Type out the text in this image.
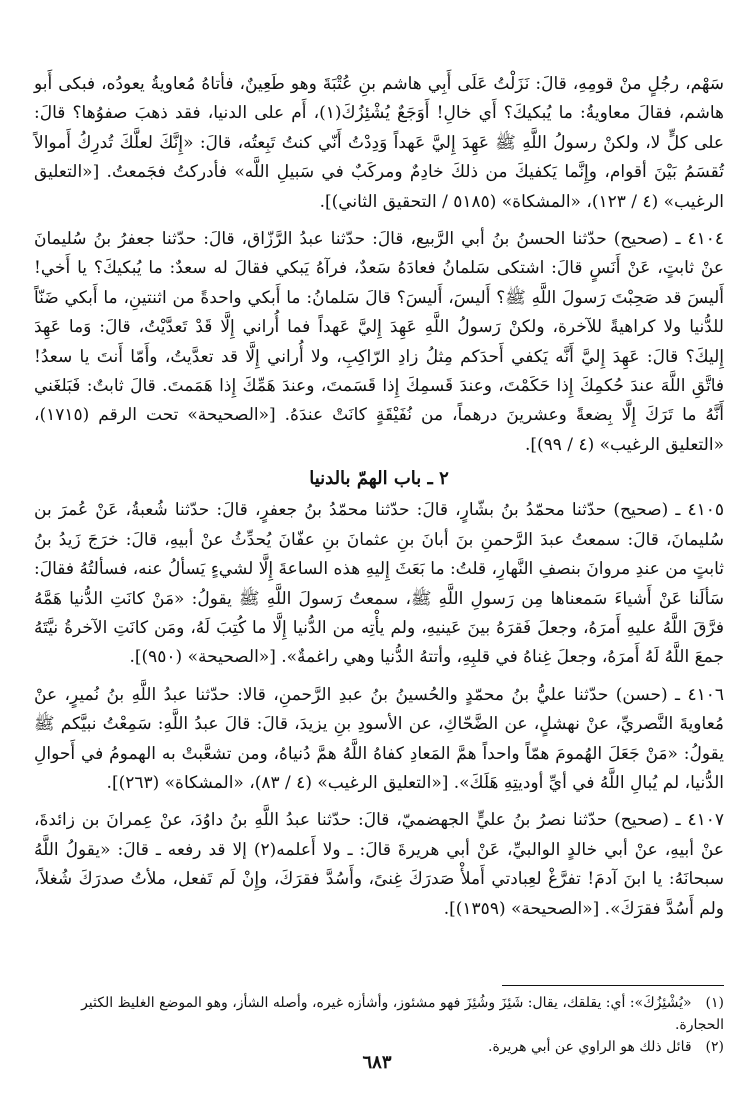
سَهْم، رجُلٍ منْ قومِهِ، قالَ: نَزَلْتُ عَلَى أَبِي هاشم بنِ عُتْبَةَ وهو طَعِينٌ، فأتاهُ مُعاويةُ يعودُه، فبكى أَبو هاشم، فقالَ معاويةُ: ما يُبكيكَ؟ أَي خالِ! أَوَجَعٌ يُشْئِزُكَ(١)، أَم على الدنيا، فقد ذهبَ صفوُها؟ قالَ: على كلٍّ لا، ولكنْ رسولُ اللَّهِ ﷺ عَهِدَ إِليَّ عَهداً وَدِدْتُ أَنّي كنتُ تَبِعتُه، قالَ: «إِنَّكَ لعلَّكَ تُدرِكُ أَموالاً تُقسَمُ بَيْنَ أقوام، وإِنَّما يَكفيكَ من ذلكَ خادِمٌ ومركَبٌ في سَبيلِ اللَّه» فأدركتُ فجَمعتُ. [«التعليق الرغيب» (٤ / ١٢٣)، «المشكاة» (٥١٨٥ / التحقيق الثاني)].

٤١٠٤ ـ (صحيح) حدّثنا الحسنُ بنُ أبي الرَّبيع، قالَ: حدّثنا عبدُ الرَّزّاق، قالَ: حدّثنا جعفرُ بنُ سُليمانَ عنْ ثابتٍ، عَنْ أَنَسٍ قالَ: اشتكى سَلمانُ فعادَهُ سَعدٌ، فرآهُ يَبكي فقالَ له سعدٌ: ما يُبكيكَ؟ يا أَخي! أَليسَ قد صَحِبْتَ رَسولَ اللَّهِ ﷺ؟ أَليسَ، أَليسَ؟ قالَ سَلمانُ: ما أَبكي واحدةً من اثنتينِ، ما أَبكي ضَنّاً للدُّنيا ولا كراهيةً للآخرة، ولكنْ رَسولُ اللَّهِ عَهِدَ إِليَّ عَهداً فما أُراني إِلَّا قَدْ تَعدَّيْتُ، قالَ: وَما عَهِدَ إِليكَ؟ قالَ: عَهِدَ إِليَّ أَنَّه يَكفي أَحدَكم مِثلُ زادِ الرّاكِبِ، ولا أُراني إِلَّا قد تعدَّيتُ، وأَمّا أَنتَ يا سعدُ! فاتَّقِ اللَّهَ عندَ حُكمِكَ إِذا حَكَمْتَ، وعندَ قَسمِكَ إِذا قَسَمتَ، وعندَ هَمِّكَ إِذا هَمَمتَ. قالَ ثابتٌ: فَبَلغَني أَنَّهُ ما تَرَكَ إِلَّا بِضعةً وعشرينَ درهماً، من نُفَيْقَةٍ كانَتْ عندَهُ. [«الصحيحة» تحت الرقم (١٧١٥)، «التعليق الرغيب» (٤ / ٩٩)].

٢ ـ باب الهمّ بالدنيا

٤١٠٥ ـ (صحيح) حدّثنا محمّدُ بنُ بشّارٍ، قالَ: حدّثنا محمّدُ بنُ جعفرٍ، قالَ: حدّثنا شُعبةُ، عَنْ عُمرَ بن سُليمانَ، قالَ: سمعتُ عبدَ الرَّحمنِ بنَ أبانَ بنِ عثمانَ بنِ عفّانَ يُحدِّثُ عنْ أبيهِ، قالَ: خرَجَ زَيدُ بنُ ثابتٍ من عندِ مروانَ بنصفِ النَّهارِ، قلتُ: ما بَعَثَ إِليهِ هذه الساعةَ إِلَّا لشيءٍ يَسألُ عنه، فسألتُهُ فقالَ: سَألَنا عَنْ أَشياءَ سَمعناها مِن رَسولِ اللَّهِ ﷺ، سمعتُ رَسولَ اللَّهِ ﷺ يقولُ: «مَنْ كانَتِ الدُّنيا هَمَّهُ فرَّقَ اللَّهُ عليهِ أَمرَهُ، وجعلَ فَقرَهُ بينَ عَينيهِ، ولم يأْتِه من الدُّنيا إِلَّا ما كُتِبَ لَهُ، ومَن كانَتِ الآخرةُ نيَّتَهُ جمعَ اللَّهُ لَهُ أَمرَهُ، وجعلَ غِناهُ في قلبِهِ، وأتتهُ الدُّنيا وهي راغمةٌ». [«الصحيحة» (٩٥٠)].

٤١٠٦ ـ (حسن) حدّثنا عليُّ بنُ محمّدٍ والحُسينُ بنُ عبدِ الرَّحمنِ، قالا: حدّثنا عبدُ اللَّهِ بنُ نُميرٍ، عنْ مُعاويةَ النَّصريِّ، عنْ نهشلٍ، عن الضَّحّاكِ، عن الأسودِ بنِ يزيدَ، قالَ: قالَ عبدُ اللَّهِ: سَمِعْتُ نبيَّكم ﷺ يقولُ: «مَنْ جَعَلَ الهُمومَ همّاً واحداً همَّ المَعادِ كفاهُ اللَّهُ همَّ دُنياهُ، ومن تشعَّبتْ به الهمومُ في أَحوالِ الدُّنيا، لم يُبالِ اللَّهُ في أيِّ أوديتِهِ هَلَكَ». [«التعليق الرغيب» (٤ / ٨٣)، «المشكاة» (٢٦٣)].

٤١٠٧ ـ (صحيح) حدّثنا نصرُ بنُ عليٍّ الجهضميّ، قالَ: حدّثنا عبدُ اللَّهِ بنُ داوُدَ، عنْ عِمرانَ بن زائدةَ، عنْ أبيهِ، عنْ أبي خالدٍ الوالبيِّ، عَنْ أبي هريرةَ قالَ: ـ ولا أَعلمه(٢) إلا قد رفعه ـ قالَ: «يقولُ اللَّهُ سبحانَهُ: يا ابنَ آدمَ! تفرَّغْ لعِبادتي أَملأْ صَدرَكَ غِنىً، وأَسُدَّ فقرَكَ، وإِنْ لَم تَفعل، ملأتُ صدرَكَ شُغلاً، ولم أَسُدَّ فقرَكَ». [«الصحيحة» (١٣٥٩)].

(١) «يُشْئِزُكَ»: أي: يقلقك، يقال: شَئِزَ وشُئِزَ فهو مشئوز، وأشأزه غيره، وأصله الشأز، وهو الموضع الغليظ الكثير الحجارة.

(٢) قائل ذلك هو الراوي عن أبي هريرة.

٦٨٣
